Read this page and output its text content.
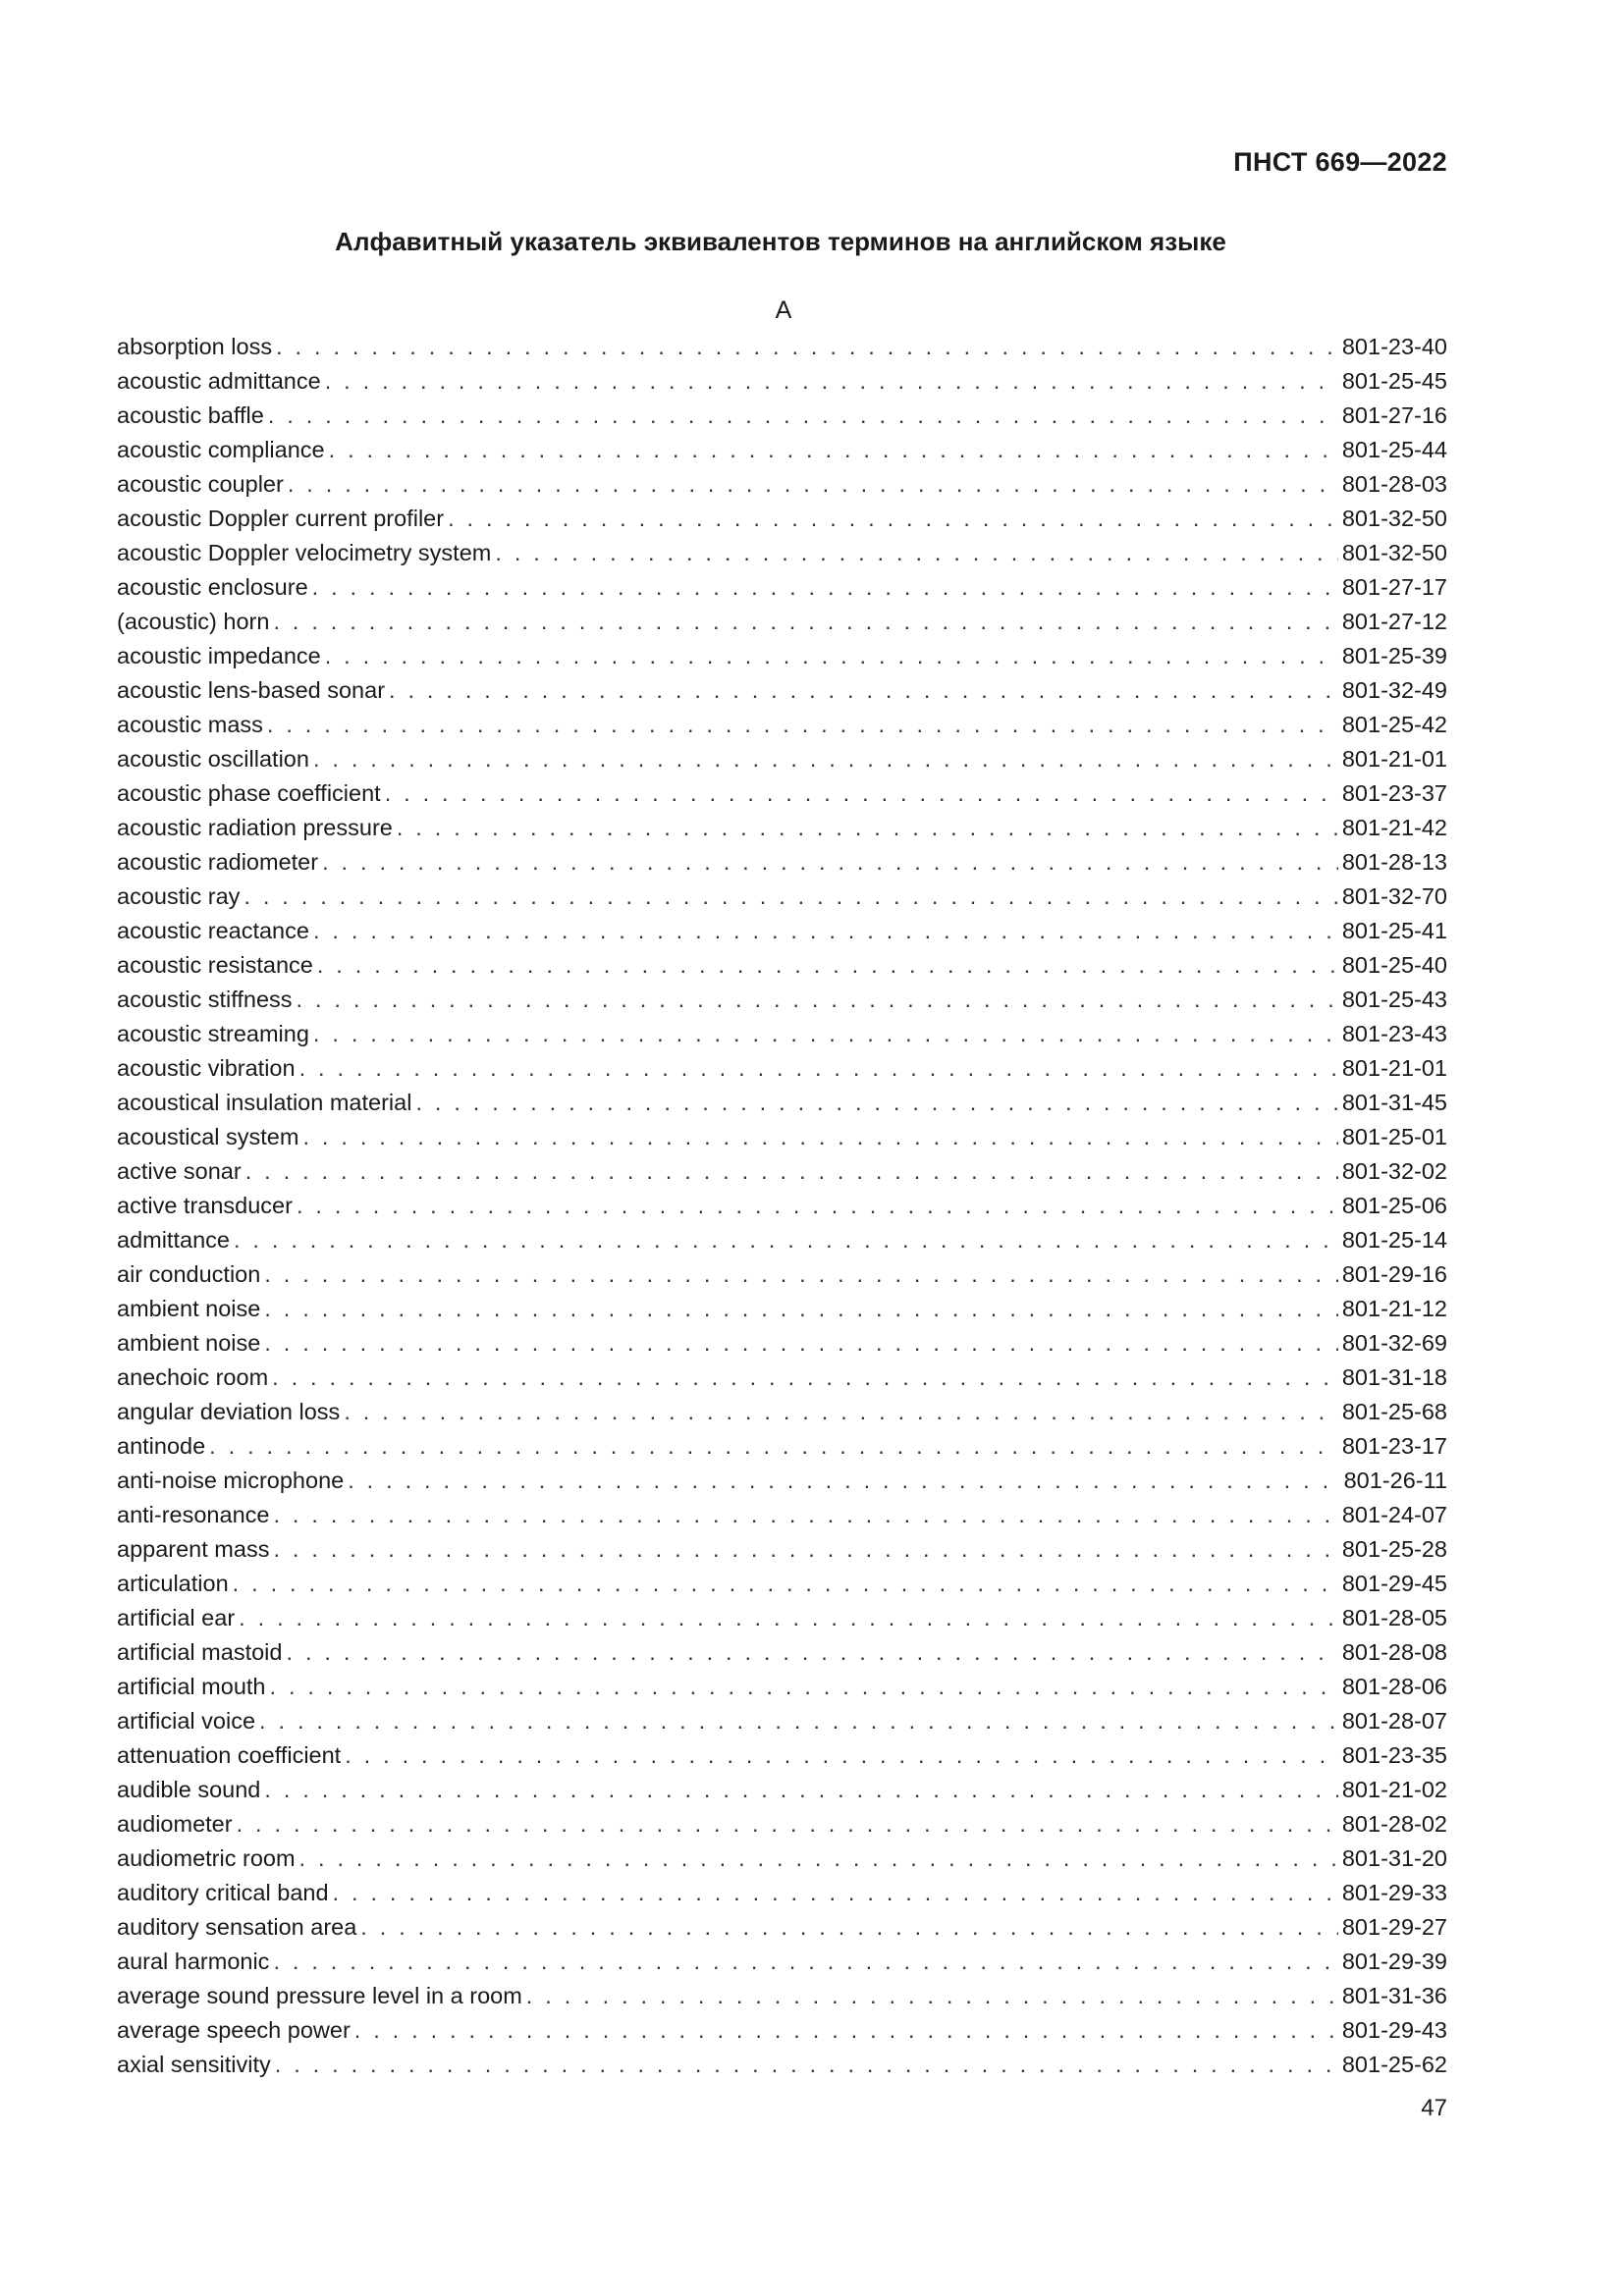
ПНСТ 669—2022
Алфавитный указатель эквивалентов терминов на английском языке
A
absorption loss . . .	801-23-40
acoustic admittance . . .	801-25-45
acoustic baffle . . .	801-27-16
acoustic compliance . . .	801-25-44
acoustic coupler . . .	801-28-03
acoustic Doppler current profiler . . .	801-32-50
acoustic Doppler velocimetry system . . .	801-32-50
acoustic enclosure . . .	801-27-17
(acoustic) horn . . .	801-27-12
acoustic impedance . . .	801-25-39
acoustic lens-based sonar . . .	801-32-49
acoustic mass . . .	801-25-42
acoustic oscillation . . .	801-21-01
acoustic phase coefficient . . .	801-23-37
acoustic radiation pressure . . .	801-21-42
acoustic radiometer . . .	801-28-13
acoustic ray . . .	801-32-70
acoustic reactance . . .	801-25-41
acoustic resistance . . .	801-25-40
acoustic stiffness . . .	801-25-43
acoustic streaming . . .	801-23-43
acoustic vibration . . .	801-21-01
acoustical insulation material . . .	801-31-45
acoustical system . . .	801-25-01
active sonar . . .	801-32-02
active transducer . . .	801-25-06
admittance . . .	801-25-14
air conduction . . .	801-29-16
ambient noise . . .	801-21-12
ambient noise . . .	801-32-69
anechoic room . . .	801-31-18
angular deviation loss . . .	801-25-68
antinode . . .	801-23-17
anti-noise microphone . . .	801-26-11
anti-resonance . . .	801-24-07
apparent mass . . .	801-25-28
articulation . . .	801-29-45
artificial ear . . .	801-28-05
artificial mastoid . . .	801-28-08
artificial mouth . . .	801-28-06
artificial voice . . .	801-28-07
attenuation coefficient . . .	801-23-35
audible sound . . .	801-21-02
audiometer . . .	801-28-02
audiometric room . . .	801-31-20
auditory critical band . . .	801-29-33
auditory sensation area . . .	801-29-27
aural harmonic . . .	801-29-39
average sound pressure level in a room . . .	801-31-36
average speech power . . .	801-29-43
axial sensitivity . . .	801-25-62
47
